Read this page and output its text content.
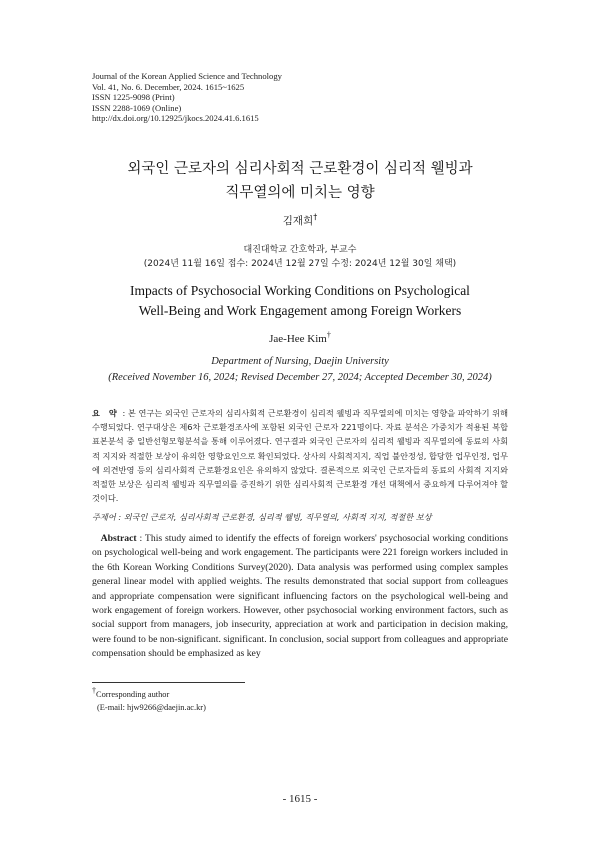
Journal of the Korean Applied Science and Technology
Vol. 41, No. 6. December, 2024. 1615~1625
ISSN 1225-9098 (Print)
ISSN 2288-1069 (Online)
http://dx.doi.org/10.12925/jkocs.2024.41.6.1615
외국인 근로자의 심리사회적 근로환경이 심리적 웰빙과
직무열의에 미치는 영향
김재희†
대진대학교 간호학과, 부교수
(2024년 11월 16일 접수: 2024년 12월 27일 수정: 2024년 12월 30일 채택)
Impacts of Psychosocial Working Conditions on Psychological
Well-Being and Work Engagement among Foreign Workers
Jae-Hee Kim†
Department of Nursing, Daejin University
(Received November 16, 2024; Revised December 27, 2024; Accepted December 30, 2024)
요 약 : 본 연구는 외국인 근로자의 심리사회적 근로환경이 심리적 웰빙과 직무열의에 미치는 영향을 파악하기 위해 수행되었다. 연구대상은 제6차 근로환경조사에 포함된 외국인 근로자 221명이다. 자료 분석은 가중치가 적용된 복합표본분석 중 일반선형모형분석을 통해 이루어졌다. 연구결과 외국인 근로자의 심리적 웰빙과 직무열의에 동료의 사회적 지지와 적절한 보상이 유의한 영향요인으로 확인되었다. 상사의 사회적지지, 직업 불안정성, 합당한 업무인정, 업무에 의견반영 등의 심리사회적 근로환경요인은 유의하지 않았다. 결론적으로 외국인 근로자들의 동료의 사회적 지지와 적절한 보상은 심리적 웰빙과 직무열의를 증진하기 위한 심리사회적 근로환경 개선 대책에서 중요하게 다루어져야 할 것이다.
주제어 : 외국인 근로자, 심리사회적 근로환경, 심리적 웰빙, 직무열의, 사회적 지지, 적절한 보상
Abstract : This study aimed to identify the effects of foreign workers' psychosocial working conditions on psychological well-being and work engagement. The participants were 221 foreign workers included in the 6th Korean Working Conditions Survey(2020). Data analysis was performed using complex samples general linear model with applied weights. The results demonstrated that social support from colleagues and appropriate compensation were significant influencing factors on the psychological well-being and work engagement of foreign workers. However, other psychosocial working environment factors, such as social support from managers, job insecurity, appreciation at work and participation in decision making, were found to be non-significant. significant. In conclusion, social support from colleagues and appropriate compensation should be emphasized as key
†Corresponding author
(E-mail: hjw9266@daejin.ac.kr)
- 1615 -
